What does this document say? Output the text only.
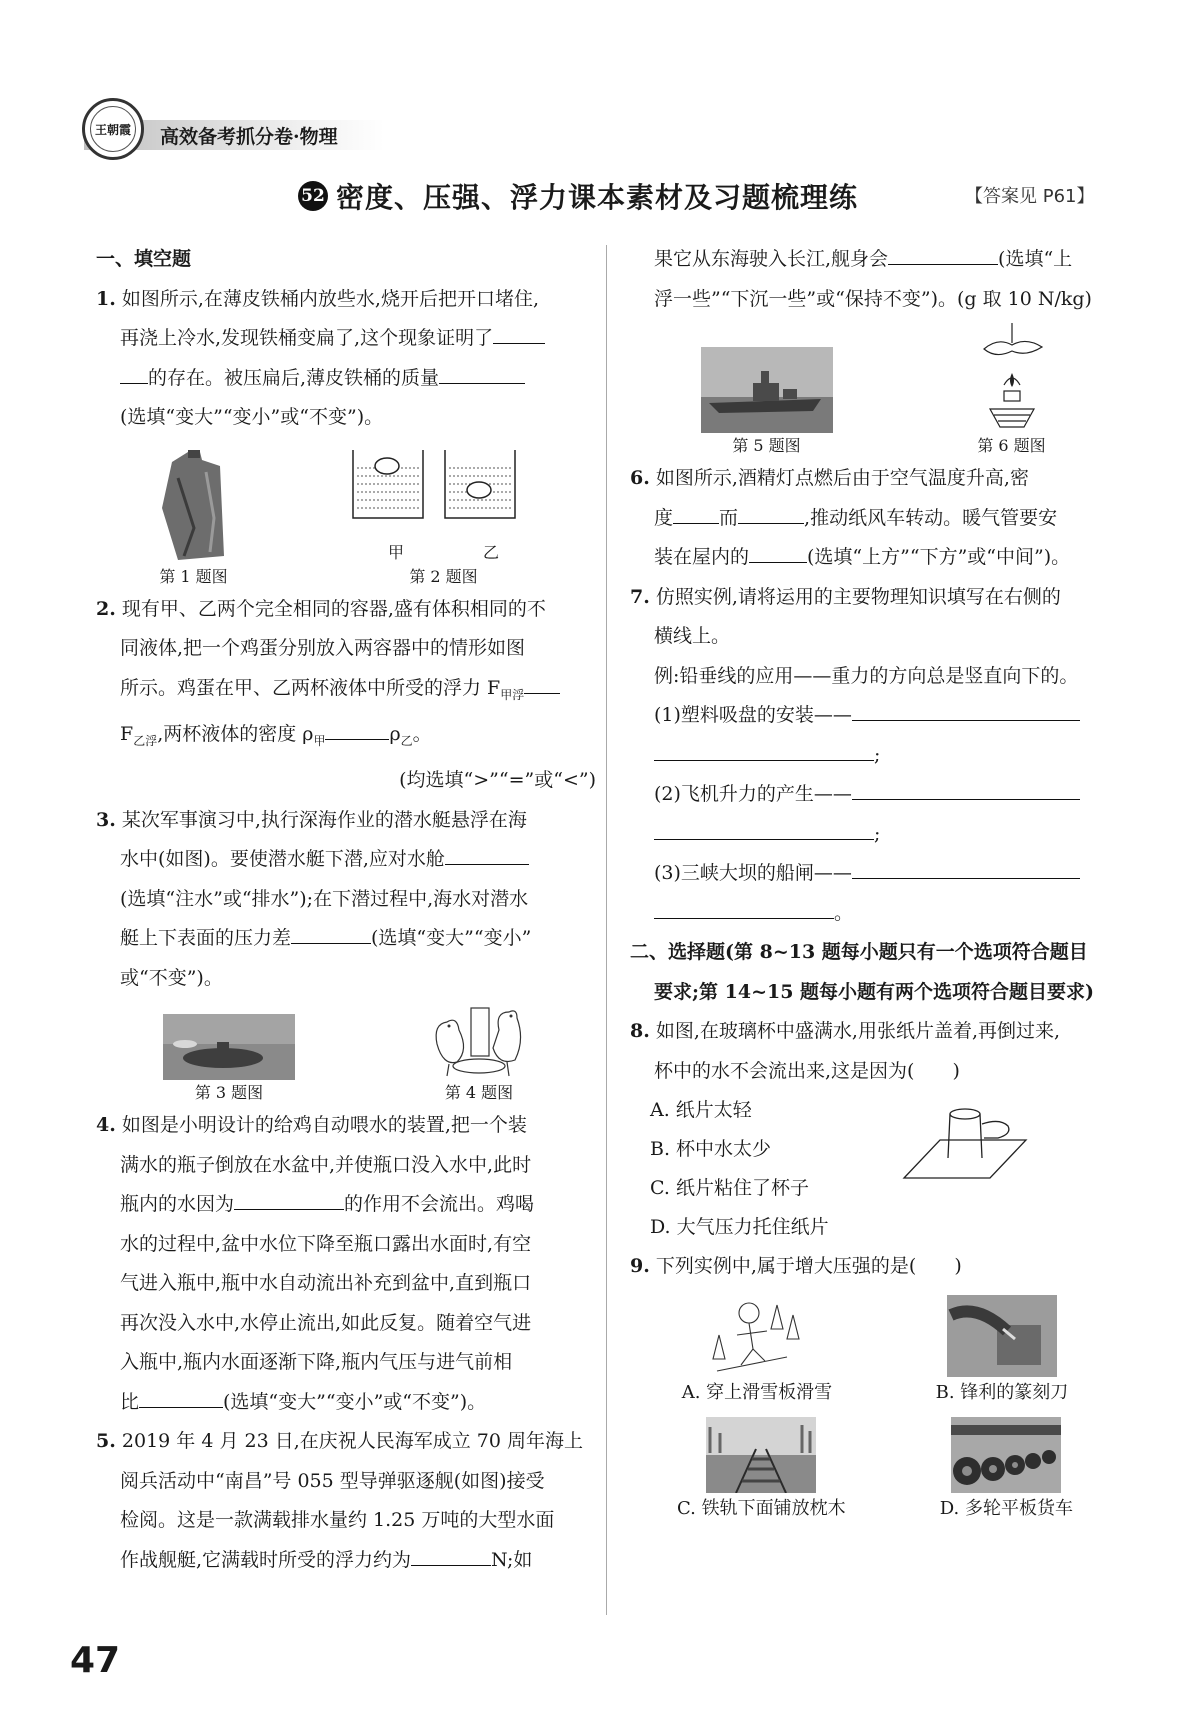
王朝霞 高效备考抓分卷·物理
52 密度、压强、浮力课本素材及习题梳理练	【答案见 P61】
一、填空题
1. 如图所示,在薄皮铁桶内放些水,烧开后把开口堵住,
再浇上冷水,发现铁桶变扁了,这个现象证明了
的存在。被压扁后,薄皮铁桶的质量
(选填“变大”“变小”或“不变”)。
第 1 题图
甲	乙
第 2 题图
2. 现有甲、乙两个完全相同的容器,盛有体积相同的不
同液体,把一个鸡蛋分别放入两容器中的情形如图
所示。鸡蛋在甲、乙两杯液体中所受的浮力 $F_{甲浮}$
$F_{乙浮}$,两杯液体的密度 $\rho_甲$	$\rho_乙$。
(均选填“>”“=”或“<”)
3. 某次军事演习中,执行深海作业的潜水艇悬浮在海
水中(如图)。要使潜水艇下潜,应对水舱
(选填“注水”或“排水”);在下潜过程中,海水对潜水
艇上下表面的压力差	(选填“变大”“变小”
或“不变”)。
第 3 题图	第 4 题图
4. 如图是小明设计的给鸡自动喂水的装置,把一个装
满水的瓶子倒放在水盆中,并使瓶口没入水中,此时
瓶内的水因为	的作用不会流出。鸡喝
水的过程中,盆中水位下降至瓶口露出水面时,有空
气进入瓶中,瓶中水自动流出补充到盆中,直到瓶口
再次没入水中,水停止流出,如此反复。随着空气进
入瓶中,瓶内水面逐渐下降,瓶内气压与进气前相
比	(选填“变大”“变小”或“不变”)。
5. 2019 年 4 月 23 日,在庆祝人民海军成立 70 周年海上
阅兵活动中“南昌”号 055 型导弹驱逐舰(如图)接受
检阅。这是一款满载排水量约 1.25 万吨的大型水面
作战舰艇,它满载时所受的浮力约为	N;如
果它从东海驶入长江,舰身会	(选填“上
浮一些”“下沉一些”或“保持不变”)。(g 取 10 N/kg)
第 5 题图	第 6 题图
6. 如图所示,酒精灯点燃后由于空气温度升高,密
度 而	,推动纸风车转动。暖气管要安
装在屋内的	(选填“上方”“下方”或“中间”)。
7. 仿照实例,请将运用的主要物理知识填写在右侧的
横线上。
例:铅垂线的应用——重力的方向总是竖直向下的。
(1)塑料吸盘的安装——
;
(2)飞机升力的产生——
;
(3)三峡大坝的船闸——
。
二、选择题(第 8~13 题每小题只有一个选项符合题目
要求;第 14~15 题每小题有两个选项符合题目要求)
8. 如图,在玻璃杯中盛满水,用张纸片盖着,再倒过来,
杯中的水不会流出来,这是因为(　　)
A. 纸片太轻
B. 杯中水太少
C. 纸片粘住了杯子
D. 大气压力托住纸片
9. 下列实例中,属于增大压强的是(　　)
A. 穿上滑雪板滑雪	B. 锋利的篆刻刀
C. 铁轨下面铺放枕木	D. 多轮平板货车
47
